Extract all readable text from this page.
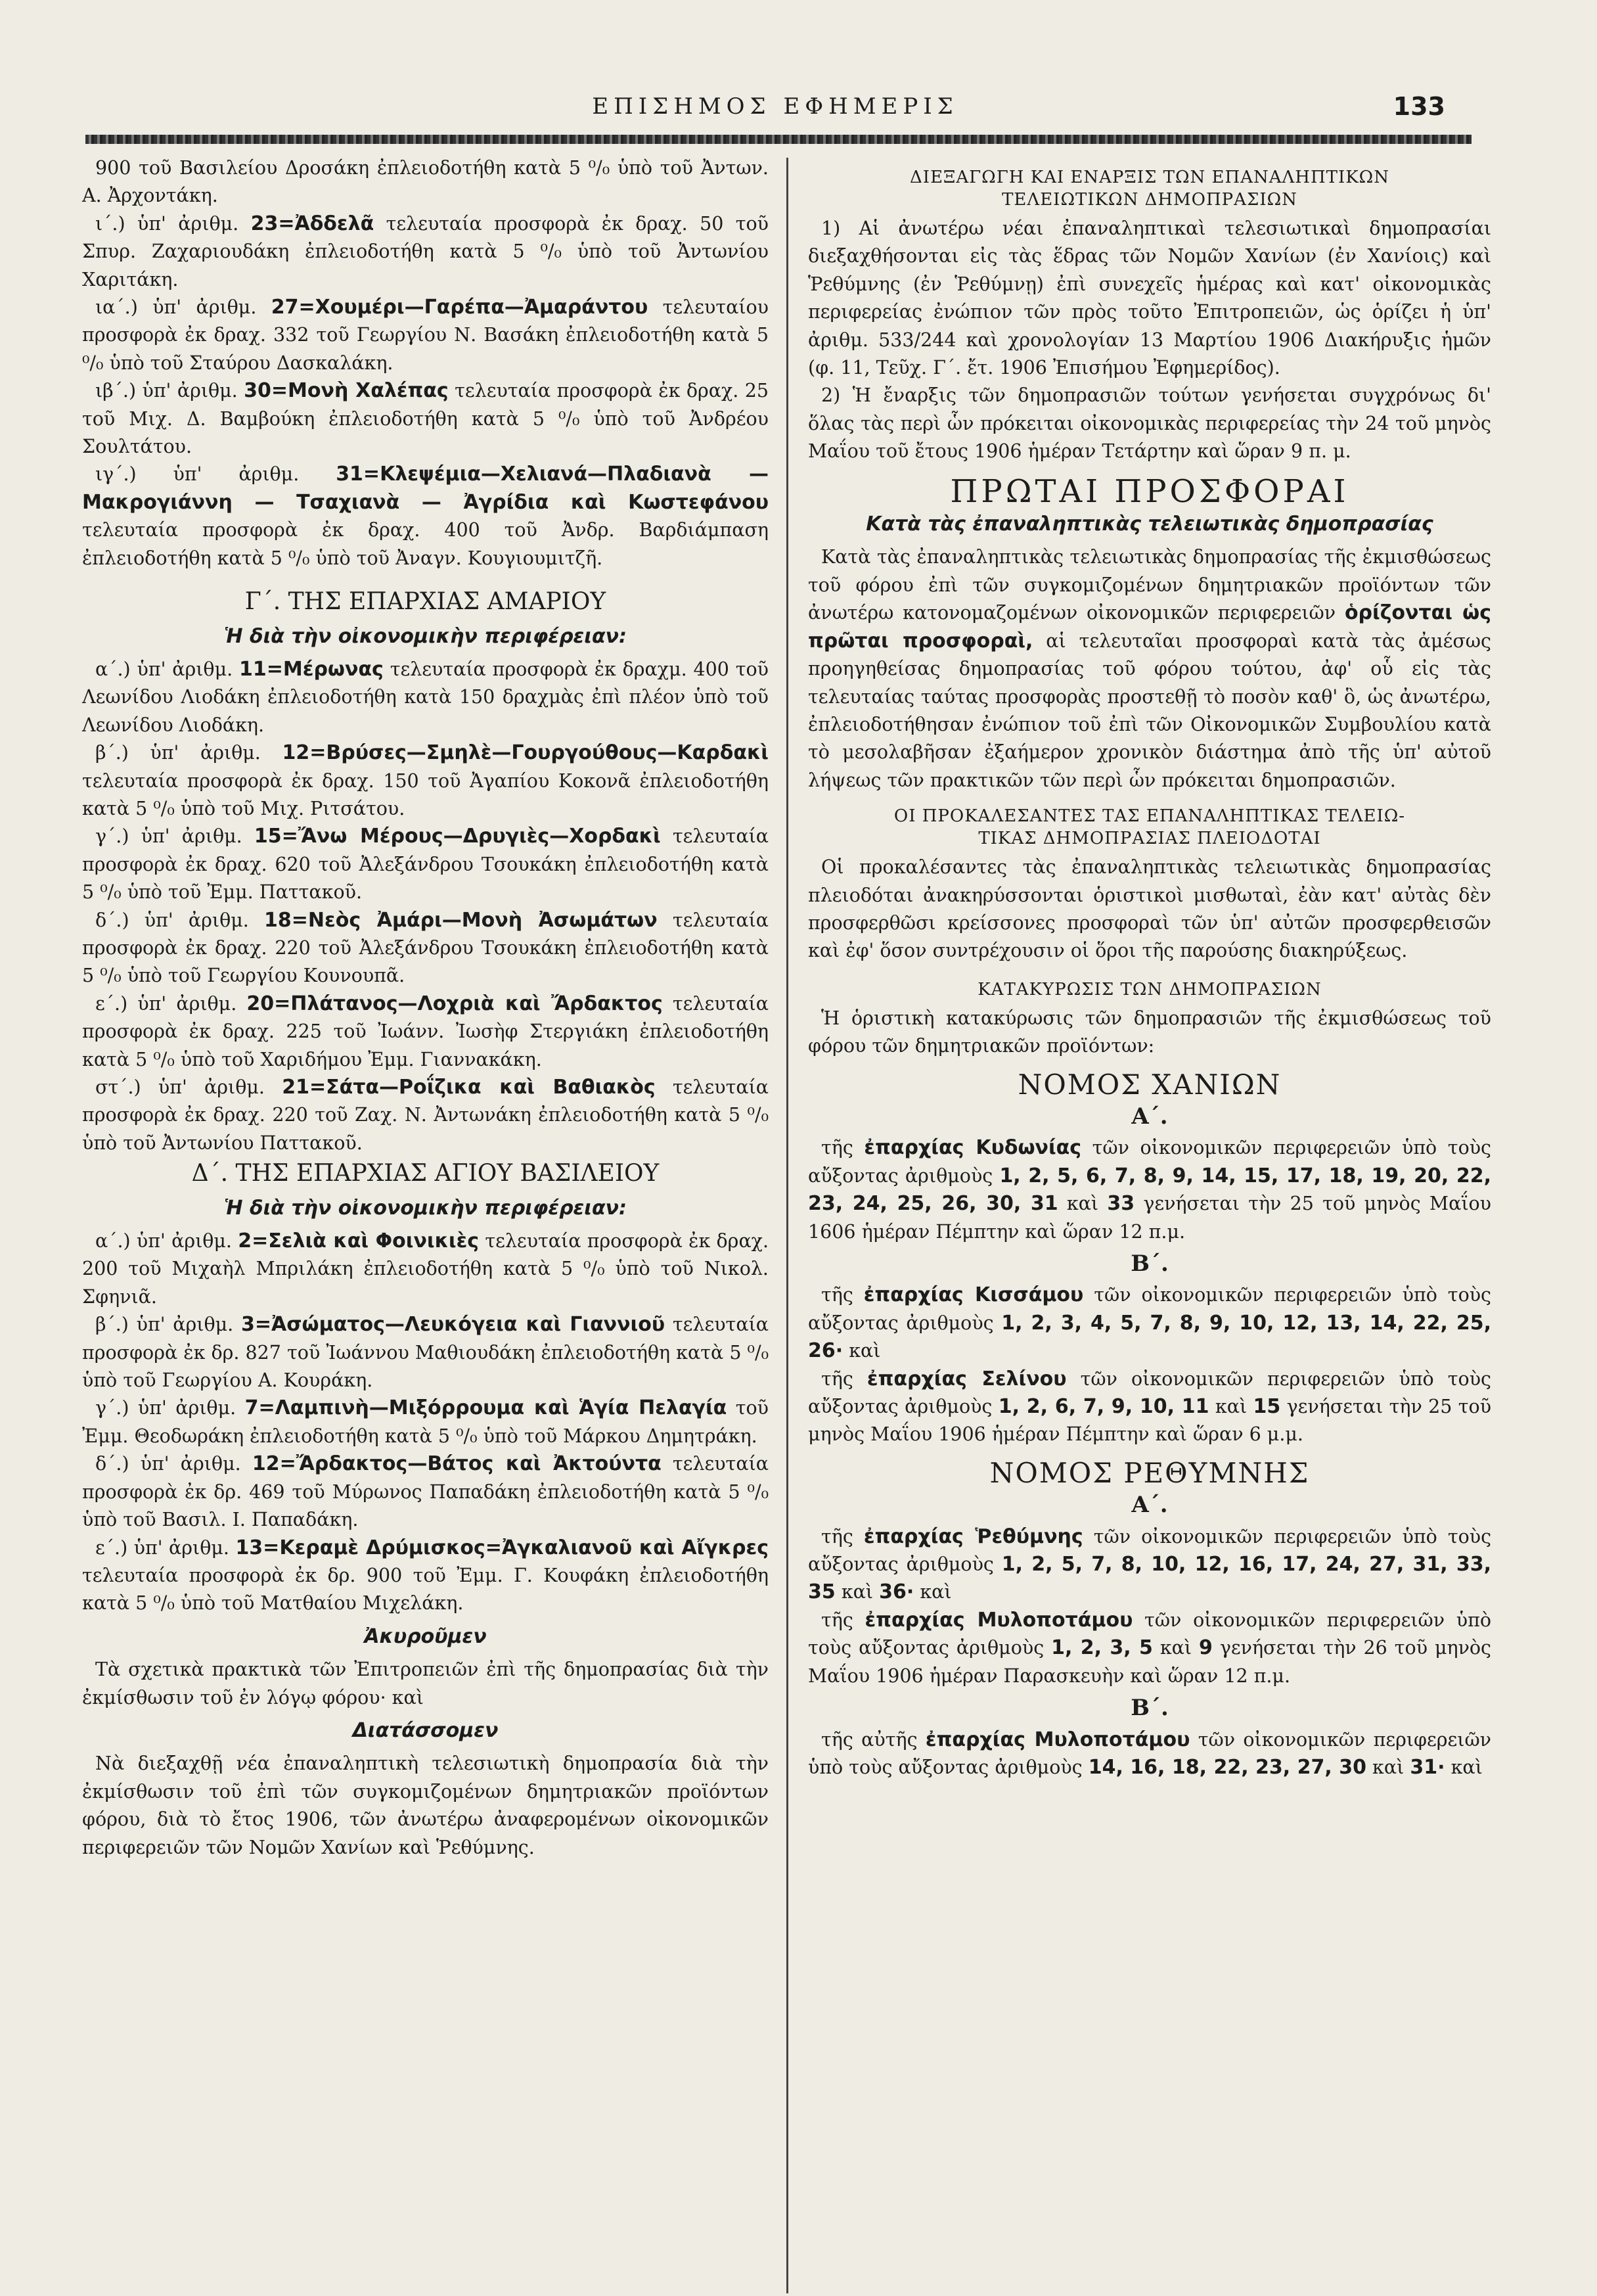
ΕΠΙΣΗΜΟΣ ΕΦΗΜΕΡΙΣ	133

900 τοῦ Βασιλείου Δροσάκη ἐπλειοδοτήθη κατὰ 5 ⁰/₀ ὑπὸ τοῦ Ἀντων. Α. Ἀρχοντάκη.

ι΄.) ὑπ' ἀριθμ. 23=Ἀδδελᾶ τελευταία προσφορὰ ἐκ δραχ. 50 τοῦ Σπυρ. Ζαχαριουδάκη ἐπλειοδοτήθη κατὰ 5 ⁰/₀ ὑπὸ τοῦ Ἀντωνίου Χαριτάκη.

ια΄.) ὑπ' ἀριθμ. 27=Χουμέρι—Γαρέπα—Ἀμαράντου τελευταίου προσφορὰ ἐκ δραχ. 332 τοῦ Γεωργίου Ν. Βασάκη ἐπλειοδοτήθη κατὰ 5 ⁰/₀ ὑπὸ τοῦ Σταύρου Δασκαλάκη.

ιβ΄.) ὑπ' ἀριθμ. 30=Μονὴ Χαλέπας τελευταία προσφορὰ ἐκ δραχ. 25 τοῦ Μιχ. Δ. Βαμβούκη ἐπλειοδοτήθη κατὰ 5 ⁰/₀ ὑπὸ τοῦ Ἀνδρέου Σουλτάτου.

ιγ΄.) ὑπ' ἀριθμ. 31=Κλεψέμια—Χελιανά—Πλαδιανὰ — Μακρογιάννη — Τσαχιανὰ — Ἀγρίδια καὶ Κωστεφάνου τελευταία προσφορὰ ἐκ δραχ. 400 τοῦ Ἀνδρ. Βαρδιάμπαση ἐπλειοδοτήθη κατὰ 5 ⁰/₀ ὑπὸ τοῦ Ἀναγν. Κουγιουμιτζῆ.

Γ΄. ΤΗΣ ΕΠΑΡΧΙΑΣ ΑΜΑΡΙΟΥ
Ἡ διὰ τὴν οἰκονομικὴν περιφέρειαν:

α΄.) ὑπ' ἀριθμ. 11=Μέρωνας τελευταία προσφορὰ ἐκ δραχμ. 400 τοῦ Λεωνίδου Λιοδάκη ἐπλειοδοτήθη κατὰ 150 δραχμὰς ἐπὶ πλέον ὑπὸ τοῦ Λεωνίδου Λιοδάκη.

β΄.) ὑπ' ἀριθμ. 12=Βρύσες—Σμηλὲ—Γουργούθους—Καρδακὶ τελευταία προσφορὰ ἐκ δραχ. 150 τοῦ Ἀγαπίου Κοκονᾶ ἐπλειοδοτήθη κατὰ 5 ⁰/₀ ὑπὸ τοῦ Μιχ. Ριτσάτου.

γ΄.) ὑπ' ἀριθμ. 15=Ἄνω Μέρους—Δρυγιὲς—Χορδακὶ τελευταία προσφορὰ ἐκ δραχ. 620 τοῦ Ἀλεξάνδρου Τσουκάκη ἐπλειοδοτήθη κατὰ 5 ⁰/₀ ὑπὸ τοῦ Ἐμμ. Παττακοῦ.

δ΄.) ὑπ' ἀριθμ. 18=Νεὸς Ἀμάρι—Μονὴ Ἀσωμάτων τελευταία προσφορὰ ἐκ δραχ. 220 τοῦ Ἀλεξάνδρου Τσουκάκη ἐπλειοδοτήθη κατὰ 5 ⁰/₀ ὑπὸ τοῦ Γεωργίου Κουνουπᾶ.

ε΄.) ὑπ' ἀριθμ. 20=Πλάτανος—Λοχριὰ καὶ Ἄρδακτος τελευταία προσφορὰ ἐκ δραχ. 225 τοῦ Ἰωάνν. Ἰωσὴφ Στεργιάκη ἐπλειοδοτήθη κατὰ 5 ⁰/₀ ὑπὸ τοῦ Χαριδήμου Ἐμμ. Γιαννακάκη.

στ΄.) ὑπ' ἀριθμ. 21=Σάτα—Ροΐζικα καὶ Βαθιακὸς τελευταία προσφορὰ ἐκ δραχ. 220 τοῦ Ζαχ. Ν. Ἀντωνάκη ἐπλειοδοτήθη κατὰ 5 ⁰/₀ ὑπὸ τοῦ Ἀντωνίου Παττακοῦ.

Δ΄. ΤΗΣ ΕΠΑΡΧΙΑΣ ΑΓΙΟΥ ΒΑΣΙΛΕΙΟΥ
Ἡ διὰ τὴν οἰκονομικὴν περιφέρειαν:

α΄.) ὑπ' ἀριθμ. 2=Σελιὰ καὶ Φοινικιὲς τελευταία προσφορὰ ἐκ δραχ. 200 τοῦ Μιχαὴλ Μπριλάκη ἐπλειοδοτήθη κατὰ 5 ⁰/₀ ὑπὸ τοῦ Νικολ. Σφηνιᾶ.

β΄.) ὑπ' ἀριθμ. 3=Ἀσώματος—Λευκόγεια καὶ Γιαννιοῦ τελευταία προσφορὰ ἐκ δρ. 827 τοῦ Ἰωάννου Μαθιουδάκη ἐπλειοδοτήθη κατὰ 5 ⁰/₀ ὑπὸ τοῦ Γεωργίου Α. Κουράκη.

γ΄.) ὑπ' ἀριθμ. 7=Λαμπινὴ—Μιξόρρουμα καὶ Ἁγία Πελαγία τοῦ Ἐμμ. Θεοδωράκη ἐπλειοδοτήθη κατὰ 5 ⁰/₀ ὑπὸ τοῦ Μάρκου Δημητράκη.

δ΄.) ὑπ' ἀριθμ. 12=Ἄρδακτος—Βάτος καὶ Ἀκτούντα τελευταία προσφορὰ ἐκ δρ. 469 τοῦ Μύρωνος Παπαδάκη ἐπλειοδοτήθη κατὰ 5 ⁰/₀ ὑπὸ τοῦ Βασιλ. Ι. Παπαδάκη.

ε΄.) ὑπ' ἀριθμ. 13=Κεραμὲ Δρύμισκος=Ἀγκαλιανοῦ καὶ Αἴγκρες τελευταία προσφορὰ ἐκ δρ. 900 τοῦ Ἐμμ. Γ. Κουφάκη ἐπλειοδοτήθη κατὰ 5 ⁰/₀ ὑπὸ τοῦ Ματθαίου Μιχελάκη.

Ἀκυροῦμεν

Τὰ σχετικὰ πρακτικὰ τῶν Ἐπιτροπειῶν ἐπὶ τῆς δημοπρασίας διὰ τὴν ἐκμίσθωσιν τοῦ ἐν λόγῳ φόρου· καὶ

Διατάσσομεν

Νὰ διεξαχθῇ νέα ἐπαναληπτικὴ τελεσιωτικὴ δημοπρασία διὰ τὴν ἐκμίσθωσιν τοῦ ἐπὶ τῶν συγκομιζομένων δημητριακῶν προϊόντων φόρου, διὰ τὸ ἔτος 1906, τῶν ἀνωτέρω ἀναφερομένων οἰκονομικῶν περιφερειῶν τῶν Νομῶν Χανίων καὶ Ῥεθύμνης.

ΔΙΕΞΑΓΩΓΗ ΚΑΙ ΕΝΑΡΞΙΣ ΤΩΝ ΕΠΑΝΑΛΗΠΤΙΚΩΝ
ΤΕΛΕΙΩΤΙΚΩΝ ΔΗΜΟΠΡΑΣΙΩΝ

1) Αἱ ἀνωτέρω νέαι ἐπαναληπτικαὶ τελεσιωτικαὶ δημοπρασίαι διεξαχθήσονται εἰς τὰς ἕδρας τῶν Νομῶν Χανίων (ἐν Χανίοις) καὶ Ῥεθύμνης (ἐν Ῥεθύμνῃ) ἐπὶ συνεχεῖς ἡμέρας καὶ κατ' οἰκονομικὰς περιφερείας ἐνώπιον τῶν πρὸς τοῦτο Ἐπιτροπειῶν, ὡς ὁρίζει ἡ ὑπ' ἀριθμ. 533/244 καὶ χρονολογίαν 13 Μαρτίου 1906 Διακήρυξις ἡμῶν (φ. 11, Τεῦχ. Γ΄. ἔτ. 1906 Ἐπισήμου Ἐφημερίδος).

2) Ἡ ἔναρξις τῶν δημοπρασιῶν τούτων γενήσεται συγχρόνως δι' ὅλας τὰς περὶ ὧν πρόκειται οἰκονομικὰς περιφερείας τὴν 24 τοῦ μηνὸς Μαΐου τοῦ ἔτους 1906 ἡμέραν Τετάρτην καὶ ὥραν 9 π. μ.

ΠΡΩΤΑΙ ΠΡΟΣΦΟΡΑΙ
Κατὰ τὰς ἐπαναληπτικὰς τελειωτικὰς δημοπρασίας

Κατὰ τὰς ἐπαναληπτικὰς τελειωτικὰς δημοπρασίας τῆς ἐκμισθώσεως τοῦ φόρου ἐπὶ τῶν συγκομιζομένων δημητριακῶν προϊόντων τῶν ἀνωτέρω κατονομαζομένων οἰκονομικῶν περιφερειῶν ὁρίζονται ὡς πρῶται προσφοραὶ, αἱ τελευταῖαι προσφοραὶ κατὰ τὰς ἀμέσως προηγηθείσας δημοπρασίας τοῦ φόρου τούτου, ἀφ' οὗ εἰς τὰς τελευταίας ταύτας προσφορὰς προστεθῇ τὸ ποσὸν καθ' ὃ, ὡς ἀνωτέρω, ἐπλειοδοτήθησαν ἐνώπιον τοῦ ἐπὶ τῶν Οἰκονομικῶν Συμβουλίου κατὰ τὸ μεσολαβῆσαν ἐξαήμερον χρονικὸν διάστημα ἀπὸ τῆς ὑπ' αὐτοῦ λήψεως τῶν πρακτικῶν τῶν περὶ ὧν πρόκειται δημοπρασιῶν.

ΟΙ ΠΡΟΚΑΛΕΣΑΝΤΕΣ ΤΑΣ ΕΠΑΝΑΛΗΠΤΙΚΑΣ ΤΕΛΕΙΩ-
ΤΙΚΑΣ ΔΗΜΟΠΡΑΣΙΑΣ ΠΛΕΙΟΔΟΤΑΙ

Οἱ προκαλέσαντες τὰς ἐπαναληπτικὰς τελειωτικὰς δημοπρασίας πλειοδόται ἀνακηρύσσονται ὁριστικοὶ μισθωταὶ, ἐὰν κατ' αὐτὰς δὲν προσφερθῶσι κρείσσονες προσφοραὶ τῶν ὑπ' αὐτῶν προσφερθεισῶν καὶ ἐφ' ὅσον συντρέχουσιν οἱ ὅροι τῆς παρούσης διακηρύξεως.

ΚΑΤΑΚΥΡΩΣΙΣ ΤΩΝ ΔΗΜΟΠΡΑΣΙΩΝ

Ἡ ὁριστικὴ κατακύρωσις τῶν δημοπρασιῶν τῆς ἐκμισθώσεως τοῦ φόρου τῶν δημητριακῶν προϊόντων:

ΝΟΜΟΣ ΧΑΝΙΩΝ
Α΄.

τῆς ἐπαρχίας Κυδωνίας τῶν οἰκονομικῶν περιφερειῶν ὑπὸ τοὺς αὔξοντας ἀριθμοὺς 1, 2, 5, 6, 7, 8, 9, 14, 15, 17, 18, 19, 20, 22, 23, 24, 25, 26, 30, 31 καὶ 33 γενήσεται τὴν 25 τοῦ μηνὸς Μαΐου 1606 ἡμέραν Πέμπτην καὶ ὥραν 12 π.μ.

Β΄.

τῆς ἐπαρχίας Κισσάμου τῶν οἰκονομικῶν περιφερειῶν ὑπὸ τοὺς αὔξοντας ἀριθμοὺς 1, 2, 3, 4, 5, 7, 8, 9, 10, 12, 13, 14, 22, 25, 26· καὶ

τῆς ἐπαρχίας Σελίνου τῶν οἰκονομικῶν περιφερειῶν ὑπὸ τοὺς αὔξοντας ἀριθμοὺς 1, 2, 6, 7, 9, 10, 11 καὶ 15 γενήσεται τὴν 25 τοῦ μηνὸς Μαΐου 1906 ἡμέραν Πέμπτην καὶ ὥραν 6 μ.μ.

ΝΟΜΟΣ ΡΕΘΥΜΝΗΣ
Α΄.

τῆς ἐπαρχίας Ῥεθύμνης τῶν οἰκονομικῶν περιφερειῶν ὑπὸ τοὺς αὔξοντας ἀριθμοὺς 1, 2, 5, 7, 8, 10, 12, 16, 17, 24, 27, 31, 33, 35 καὶ 36· καὶ

τῆς ἐπαρχίας Μυλοποτάμου τῶν οἰκονομικῶν περιφερειῶν ὑπὸ τοὺς αὔξοντας ἀριθμοὺς 1, 2, 3, 5 καὶ 9 γενήσεται τὴν 26 τοῦ μηνὸς Μαΐου 1906 ἡμέραν Παρασκευὴν καὶ ὥραν 12 π.μ.

Β΄.

τῆς αὐτῆς ἐπαρχίας Μυλοποτάμου τῶν οἰκονομικῶν περιφερειῶν ὑπὸ τοὺς αὔξοντας ἀριθμοὺς 14, 16, 18, 22, 23, 27, 30 καὶ 31· καὶ
